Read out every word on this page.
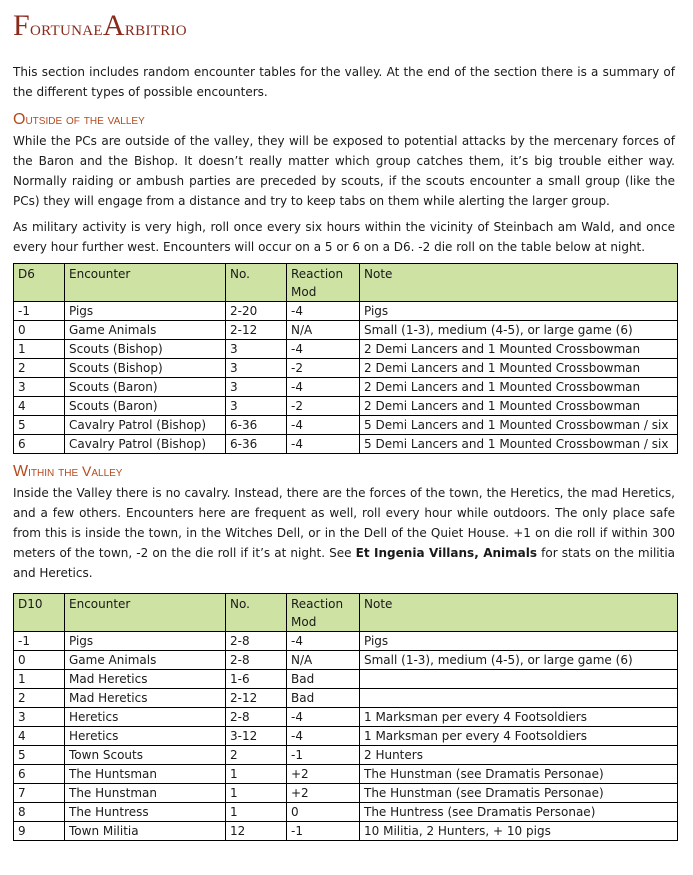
FortunaeArbitrio

This section includes random encounter tables for the valley. At the end of the section there is a summary of the different types of possible encounters.

Outside of the valley

While the PCs are outside of the valley, they will be exposed to potential attacks by the mercenary forces of the Baron and the Bishop. It doesn’t really matter which group catches them, it’s big trouble either way. Normally raiding or ambush parties are preceded by scouts, if the scouts encounter a small group (like the PCs) they will engage from a distance and try to keep tabs on them while alerting the larger group.

As military activity is very high, roll once every six hours within the vicinity of Steinbach am Wald, and once every hour further west. Encounters will occur on a 5 or 6 on a D6. -2 die roll on the table below at night.

D6	Encounter	No.	Reaction Mod	Note
-1	Pigs	2-20	-4	Pigs
0	Game Animals	2-12	N/A	Small (1-3), medium (4-5), or large game (6)
1	Scouts (Bishop)	3	-4	2 Demi Lancers and 1 Mounted Crossbowman
2	Scouts (Bishop)	3	-2	2 Demi Lancers and 1 Mounted Crossbowman
3	Scouts (Baron)	3	-4	2 Demi Lancers and 1 Mounted Crossbowman
4	Scouts (Baron)	3	-2	2 Demi Lancers and 1 Mounted Crossbowman
5	Cavalry Patrol (Bishop)	6-36	-4	5 Demi Lancers and 1 Mounted Crossbowman / six
6	Cavalry Patrol (Bishop)	6-36	-4	5 Demi Lancers and 1 Mounted Crossbowman / six
Within the Valley

Inside the Valley there is no cavalry. Instead, there are the forces of the town, the Heretics, the mad Heretics, and a few others. Encounters here are frequent as well, roll every hour while outdoors. The only place safe from this is inside the town, in the Witches Dell, or in the Dell of the Quiet House. +1 on die roll if within 300 meters of the town, -2 on the die roll if it’s at night. See Et Ingenia Villans, Animals for stats on the militia and Heretics.

D10	Encounter	No.	Reaction Mod	Note
-1	Pigs	2-8	-4	Pigs
0	Game Animals	2-8	N/A	Small (1-3), medium (4-5), or large game (6)
1	Mad Heretics	1-6	Bad	
2	Mad Heretics	2-12	Bad	
3	Heretics	2-8	-4	1 Marksman per every 4 Footsoldiers
4	Heretics	3-12	-4	1 Marksman per every 4 Footsoldiers
5	Town Scouts	2	-1	2 Hunters
6	The Huntsman	1	+2	The Hunstman (see Dramatis Personae)
7	The Hunstman	1	+2	The Hunstman (see Dramatis Personae)
8	The Huntress	1	0	The Huntress (see Dramatis Personae)
9	Town Militia	12	-1	10 Militia, 2 Hunters, + 10 pigs
